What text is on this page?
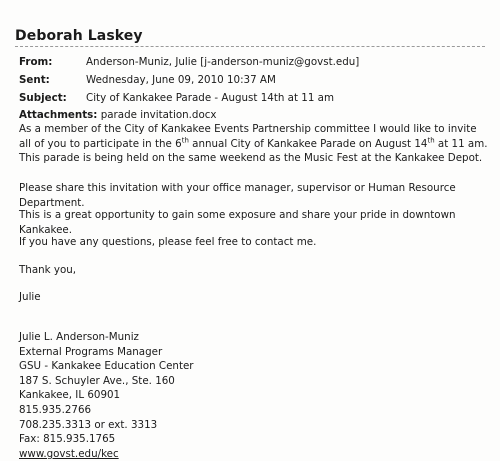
Deborah Laskey
From:	Anderson-Muniz, Julie [j-anderson-muniz@govst.edu]
Sent:	Wednesday, June 09, 2010 10:37 AM
Subject: City of Kankakee Parade - August 14th at 11 am
Attachments: parade invitation.docx
As a member of the City of Kankakee Events Partnership committee I would like to invite all of you to participate in the 6th annual City of Kankakee Parade on August 14th at 11 am. This parade is being held on the same weekend as the Music Fest at the Kankakee Depot.
Please share this invitation with your office manager, supervisor or Human Resource Department.
This is a great opportunity to gain some exposure and share your pride in downtown Kankakee.
If you have any questions, please feel free to contact me.
Thank you,
Julie
Julie L. Anderson-Muniz
External Programs Manager
GSU - Kankakee Education Center
187 S. Schuyler Ave., Ste. 160
Kankakee, IL 60901
815.935.2766
708.235.3313 or ext. 3313
Fax: 815.935.1765
www.govst.edu/kec
